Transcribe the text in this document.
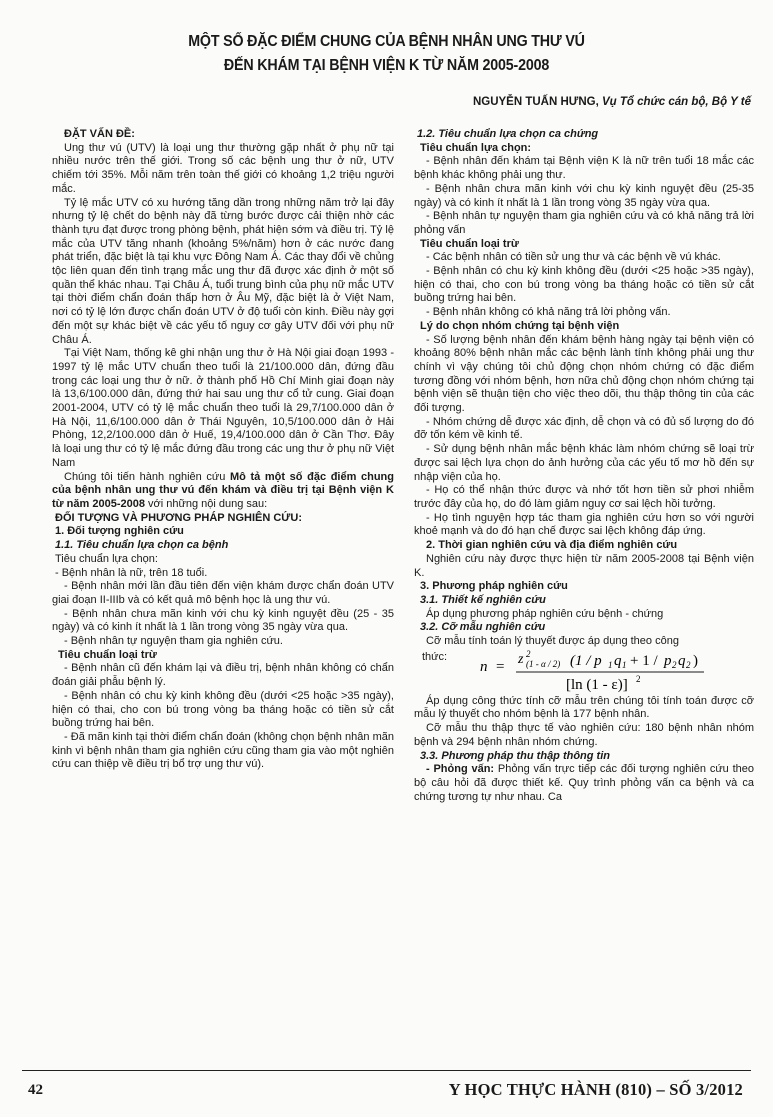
MỘT SỐ ĐẶC ĐIỂM CHUNG CỦA BỆNH NHÂN UNG THƯ VÚ
ĐẾN KHÁM TẠI BỆNH VIỆN K TỪ NĂM 2005-2008
NGUYỄN TUẤN HƯNG, Vụ Tổ chức cán bộ, Bộ Y tế

ĐẶT VẤN ĐỀ:

Ung thư vú (UTV) là loại ung thư thường gặp nhất ở phụ nữ tại nhiều nước trên thế giới. Trong số các bệnh ung thư ở nữ, UTV chiếm tới 35%. Mỗi năm trên toàn thế giới có khoảng 1,2 triệu người mắc.

Tỷ lệ mắc UTV có xu hướng tăng dần trong những năm trở lại đây nhưng tỷ lệ chết do bệnh này đã từng bước được cải thiện nhờ các thành tựu đạt được trong phòng bệnh, phát hiện sớm và điều trị. Tỷ lệ mắc của UTV tăng nhanh (khoảng 5%/năm) hơn ở các nước đang phát triển, đặc biệt là tại khu vực Đông Nam Á. Các thay đổi về chủng tộc liên quan đến tình trạng mắc ung thư đã được xác định ở một số quần thể khác nhau. Tại Châu Á, tuổi trung bình của phụ nữ mắc UTV tại thời điểm chẩn đoán thấp hơn ở Âu Mỹ, đặc biệt là ở Việt Nam, nơi có tỷ lệ lớn được chẩn đoán UTV ở độ tuổi còn kinh. Điều này gợi đến một sự khác biệt về các yếu tố nguy cơ gây UTV đối với phụ nữ Châu Á.

Tại Việt Nam, thống kê ghi nhận ung thư ở Hà Nội giai đoạn 1993 - 1997 tỷ lệ mắc UTV chuẩn theo tuổi là 21/100.000 dân, đứng đầu trong các loại ung thư ở nữ. ở thành phố Hồ Chí Minh giai đoạn này là 13,6/100.000 dân, đứng thứ hai sau ung thư cổ tử cung. Giai đoạn 2001-2004, UTV có tỷ lệ mắc chuẩn theo tuổi là 29,7/100.000 dân ở Hà Nội, 11,6/100.000 dân ở Thái Nguyên, 10,5/100.000 dân ở Hải Phòng, 12,2/100.000 dân ở Huế, 19,4/100.000 dân ở Cần Thơ. Đây là loại ung thư có tỷ lệ mắc đứng đầu trong các ung thư ở phụ nữ Việt Nam

Chúng tôi tiến hành nghiên cứu Mô tả một số đặc điểm chung của bệnh nhân ung thư vú đến khám và điều trị tại Bệnh viện K từ năm 2005-2008 với những nội dung sau:

ĐỐI TƯỢNG VÀ PHƯƠNG PHÁP NGHIÊN CỨU:

1. Đối tượng nghiên cứu

1.1. Tiêu chuẩn lựa chọn ca bệnh

Tiêu chuẩn lựa chọn:

- Bệnh nhân là nữ, trên 18 tuổi.

- Bệnh nhân mới lần đầu tiên đến viện khám được chẩn đoán UTV giai đoạn II-IIIb và có kết quả mô bệnh học là ung thư vú.

- Bệnh nhân chưa mãn kinh với chu kỳ kinh nguyệt đều (25 - 35 ngày) và có kinh ít nhất là 1 lần trong vòng 35 ngày vừa qua.

- Bệnh nhân tự nguyện tham gia nghiên cứu.

Tiêu chuẩn loại trừ

- Bệnh nhân cũ đến khám lại và điều trị, bệnh nhân không có chẩn đoán giải phẫu bệnh lý.

- Bệnh nhân có chu kỳ kinh không đều (dưới <25 hoặc >35 ngày), hiện có thai, cho con bú trong vòng ba tháng hoặc có tiền sử cắt buồng trứng hai bên.

- Đã mãn kinh tại thời điểm chẩn đoán (không chọn bệnh nhân mãn kinh vì bệnh nhân tham gia nghiên cứu cũng tham gia vào một nghiên cứu can thiệp về điều trị bổ trợ ung thư vú).

1.2. Tiêu chuẩn lựa chọn ca chứng

Tiêu chuẩn lựa chọn:

- Bệnh nhân đến khám tại Bệnh viện K là nữ trên tuổi 18 mắc các bệnh khác không phải ung thư.

- Bệnh nhân chưa mãn kinh với chu kỳ kinh nguyệt đều (25-35 ngày) và có kinh ít nhất là 1 lần trong vòng 35 ngày vừa qua.

- Bệnh nhân tự nguyện tham gia nghiên cứu và có khả năng trả lời phỏng vấn

Tiêu chuẩn loại trừ

- Các bệnh nhân có tiền sử ung thư và các bệnh về vú khác.

- Bệnh nhân có chu kỳ kinh không đều (dưới <25 hoặc >35 ngày), hiện có thai, cho con bú trong vòng ba tháng hoặc có tiền sử cắt buồng trứng hai bên.

- Bệnh nhân không có khả năng trả lời phỏng vấn.

Lý do chọn nhóm chứng tại bệnh viện

- Số lượng bệnh nhân đến khám bệnh hàng ngày tại bệnh viện có khoảng 80% bệnh nhân mắc các bệnh lành tính không phải ung thư chính vì vậy chúng tôi chủ động chọn nhóm chứng có đặc điểm tương đồng với nhóm bệnh, hơn nữa chủ động chọn nhóm chứng tại bệnh viện sẽ thuận tiện cho việc theo dõi, thu thập thông tin của các đối tượng.

- Nhóm chứng dễ được xác định, dễ chọn và có đủ số lượng do đó đỡ tốn kém về kinh tế.

- Sử dụng bệnh nhân mắc bệnh khác làm nhóm chứng sẽ loại trừ được sai lệch lựa chọn do ảnh hưởng của các yếu tố mơ hồ đến sự nhập viện của họ.

- Họ có thể nhận thức được và nhớ tốt hơn tiền sử phơi nhiễm trước đây của họ, do đó làm giảm nguy cơ sai lệch hồi tưởng.

- Họ tình nguyện hợp tác tham gia nghiên cứu hơn so với người khoẻ mạnh và do đó hạn chế được sai lệch không đáp ứng.

2. Thời gian nghiên cứu và địa điểm nghiên cứu

Nghiên cứu này được thực hiện từ năm 2005-2008 tại Bệnh viện K.

3. Phương pháp nghiên cứu

3.1. Thiết kế nghiên cứu

Áp dụng phương pháp nghiên cứu bệnh - chứng

3.2. Cỡ mẫu nghiên cứu

Cỡ mẫu tính toán lý thuyết được áp dụng theo công

thức:
n = z 2
(1 - α / 2) (1 / p 1 q 1 + 1 / p 2 q 2 )
[ln (1 - ε)] 2

Áp dụng công thức tính cỡ mẫu trên chúng tôi tính toán được cỡ mẫu lý thuyết cho nhóm bệnh là 177 bệnh nhân.

Cỡ mẫu thu thập thực tế vào nghiên cứu: 180 bệnh nhân nhóm bệnh và 294 bệnh nhân nhóm chứng.

3.3. Phương pháp thu thập thông tin

- Phỏng vấn: Phỏng vấn trực tiếp các đối tượng nghiên cứu theo bộ câu hỏi đã được thiết kế. Quy trình phỏng vấn ca bệnh và ca chứng tương tự như nhau. Ca

42	Y HỌC THỰC HÀNH (810) – SỐ 3/2012
